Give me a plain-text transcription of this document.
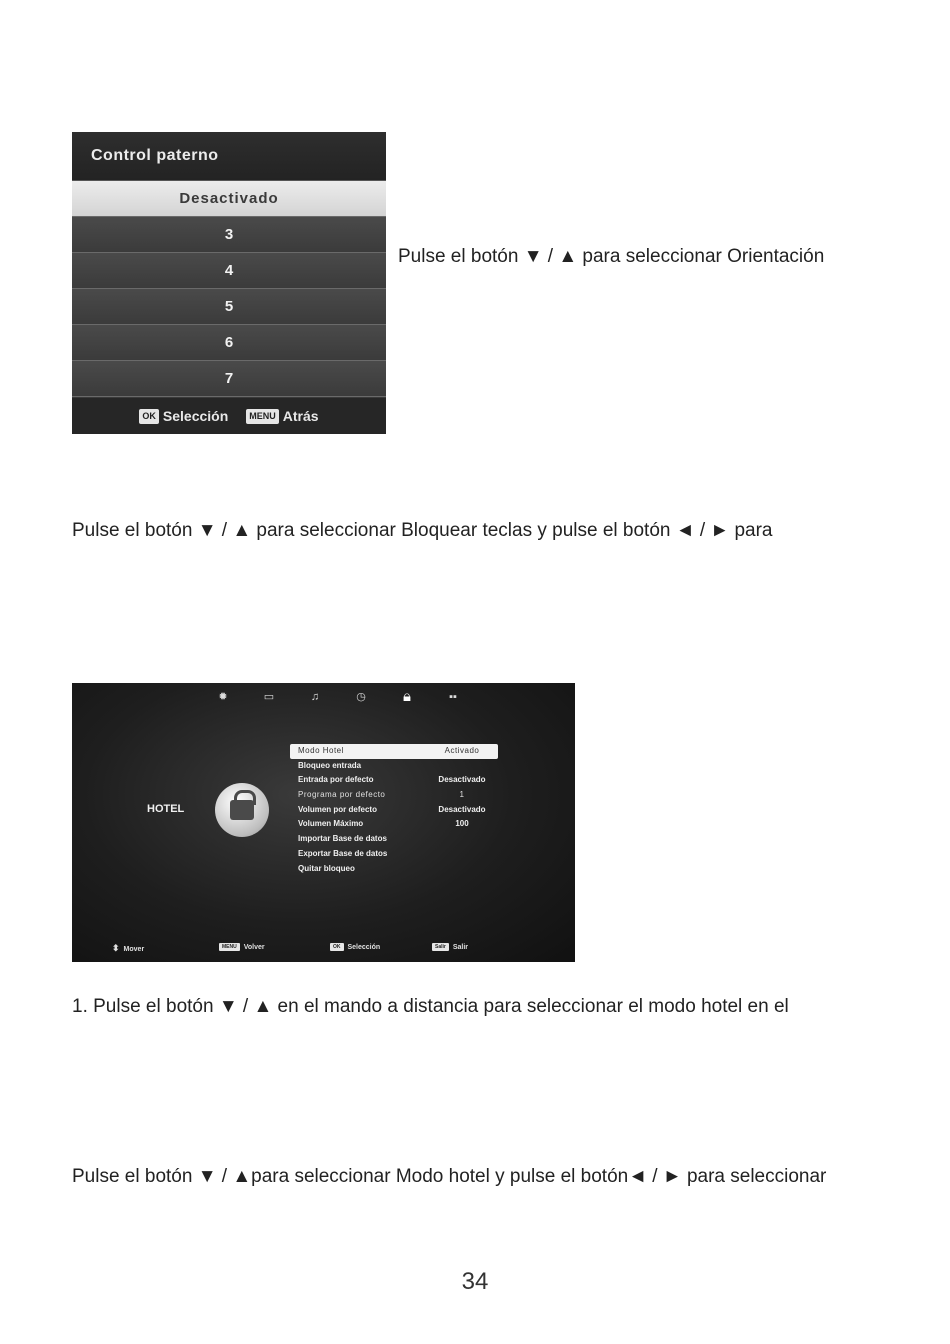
Control paterno
Desactivado
3
4
5
6
7
OK Selección	MENU Atrás
Pulse el botón ▼ / ▲ para seleccionar Orientación
Pulse el botón ▼ / ▲ para seleccionar Bloquear teclas y pulse el botón ◄ / ► para
✹	▭	♫	◷	🔒︎	▪▪
HOTEL
Modo Hotel	Activado
Bloqueo entrada
Entrada por defecto	Desactivado
Programa por defecto	1
Volumen por defecto	Desactivado
Volumen Máximo	100
Importar Base de datos
Exportar Base de datos
Quitar bloqueo
⬍ Mover	MENU Volver	OK Selección	Salir Salir
1. Pulse el botón ▼ / ▲ en el mando a distancia para seleccionar el modo hotel en el
Pulse el botón ▼ / ▲para seleccionar Modo hotel y pulse el botón◄ / ► para seleccionar
34
